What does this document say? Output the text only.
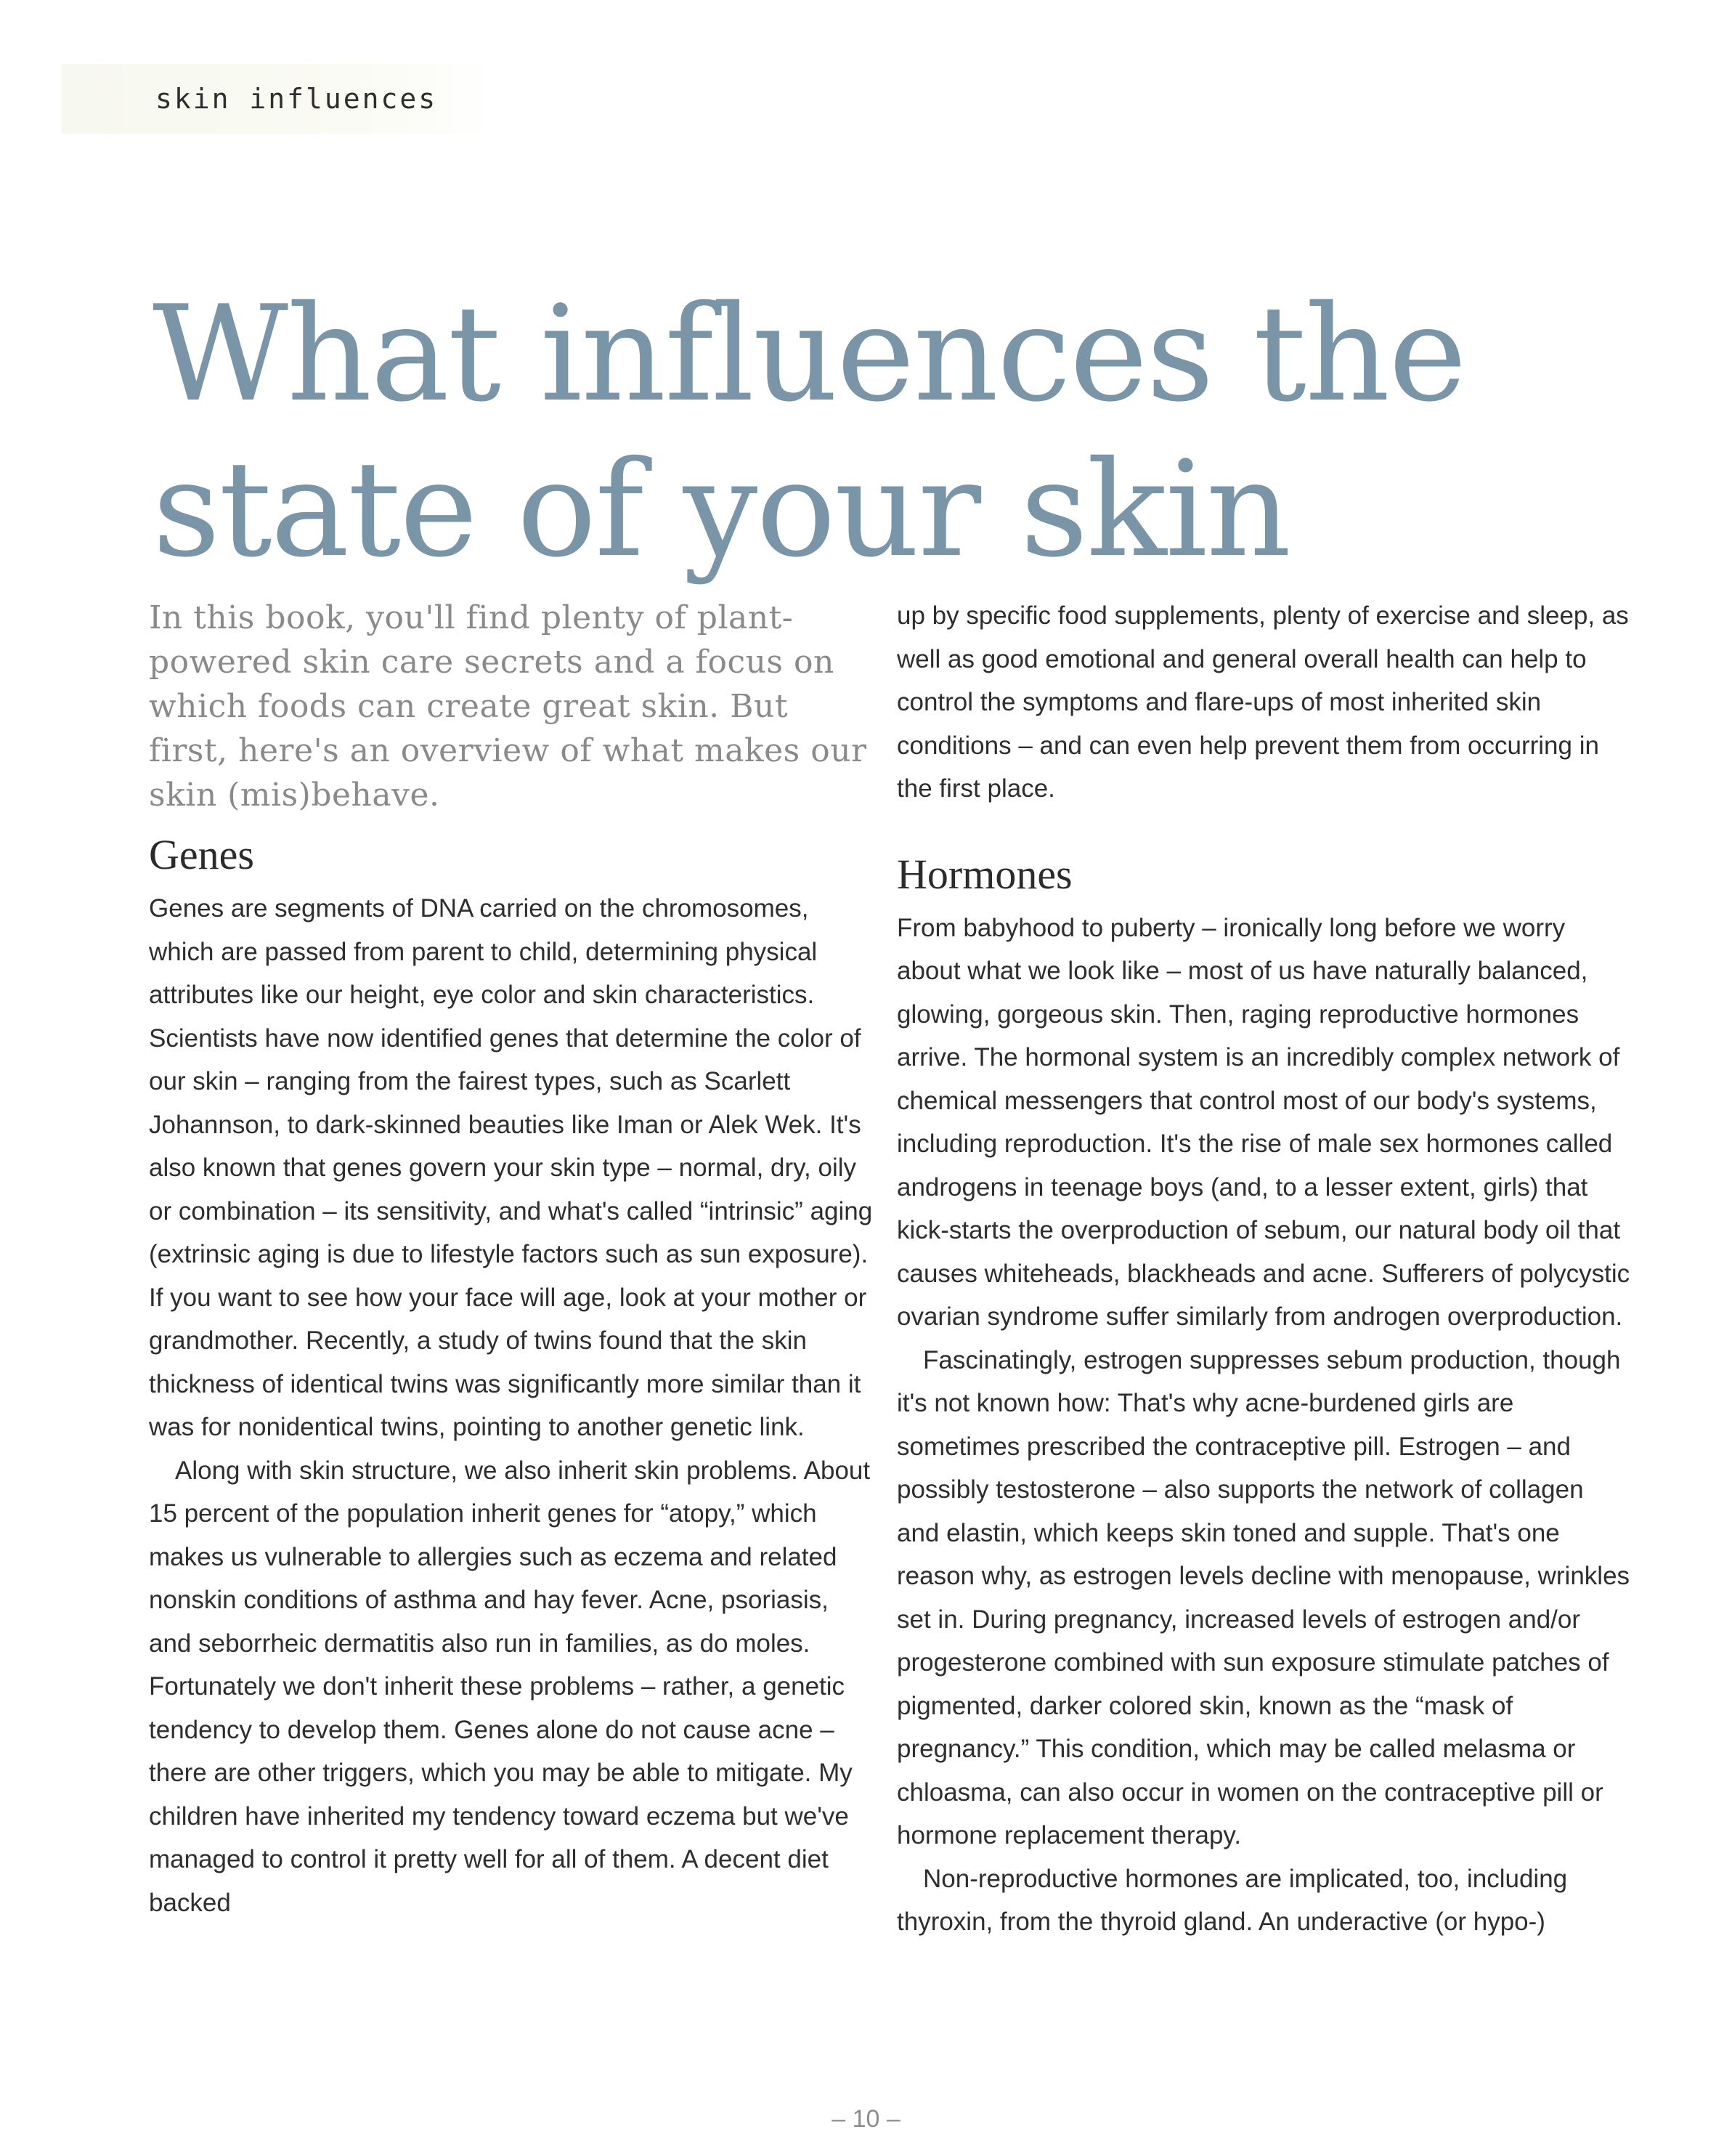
skin influences
What influences the
state of your skin

In this book, you'll find plenty of plant-powered skin care secrets and a focus on which foods can create great skin. But first, here's an overview of what makes our skin (mis)behave.

Genes

Genes are segments of DNA carried on the chromosomes, which are passed from parent to child, determining physical attributes like our height, eye color and skin characteristics. Scientists have now identified genes that determine the color of our skin – ranging from the fairest types, such as Scarlett Johannson, to dark-skinned beauties like Iman or Alek Wek. It's also known that genes govern your skin type – normal, dry, oily or combination – its sensitivity, and what's called “intrinsic” aging (extrinsic aging is due to lifestyle factors such as sun exposure). If you want to see how your face will age, look at your mother or grandmother. Recently, a study of twins found that the skin thickness of identical twins was significantly more similar than it was for nonidentical twins, pointing to another genetic link.

Along with skin structure, we also inherit skin problems. About 15 percent of the population inherit genes for “atopy,” which makes us vulnerable to allergies such as eczema and related nonskin conditions of asthma and hay fever. Acne, psoriasis, and seborrheic dermatitis also run in families, as do moles. Fortunately we don't inherit these problems – rather, a genetic tendency to develop them. Genes alone do not cause acne – there are other triggers, which you may be able to mitigate. My children have inherited my tendency toward eczema but we've managed to control it pretty well for all of them. A decent diet backed

up by specific food supplements, plenty of exercise and sleep, as well as good emotional and general overall health can help to control the symptoms and flare-ups of most inherited skin conditions – and can even help prevent them from occurring in the first place.

Hormones

From babyhood to puberty – ironically long before we worry about what we look like – most of us have naturally balanced, glowing, gorgeous skin. Then, raging reproductive hormones arrive. The hormonal system is an incredibly complex network of chemical messengers that control most of our body's systems, including reproduction. It's the rise of male sex hormones called androgens in teenage boys (and, to a lesser extent, girls) that kick-starts the overproduction of sebum, our natural body oil that causes whiteheads, blackheads and acne. Sufferers of polycystic ovarian syndrome suffer similarly from androgen overproduction.

Fascinatingly, estrogen suppresses sebum production, though it's not known how: That's why acne-burdened girls are sometimes prescribed the contraceptive pill. Estrogen – and possibly testosterone – also supports the network of collagen and elastin, which keeps skin toned and supple. That's one reason why, as estrogen levels decline with menopause, wrinkles set in. During pregnancy, increased levels of estrogen and/or progesterone combined with sun exposure stimulate patches of pigmented, darker colored skin, known as the “mask of pregnancy.” This condition, which may be called melasma or chloasma, can also occur in women on the contraceptive pill or hormone replacement therapy.

Non-reproductive hormones are implicated, too, including thyroxin, from the thyroid gland. An underactive (or hypo-)

– 10 –
